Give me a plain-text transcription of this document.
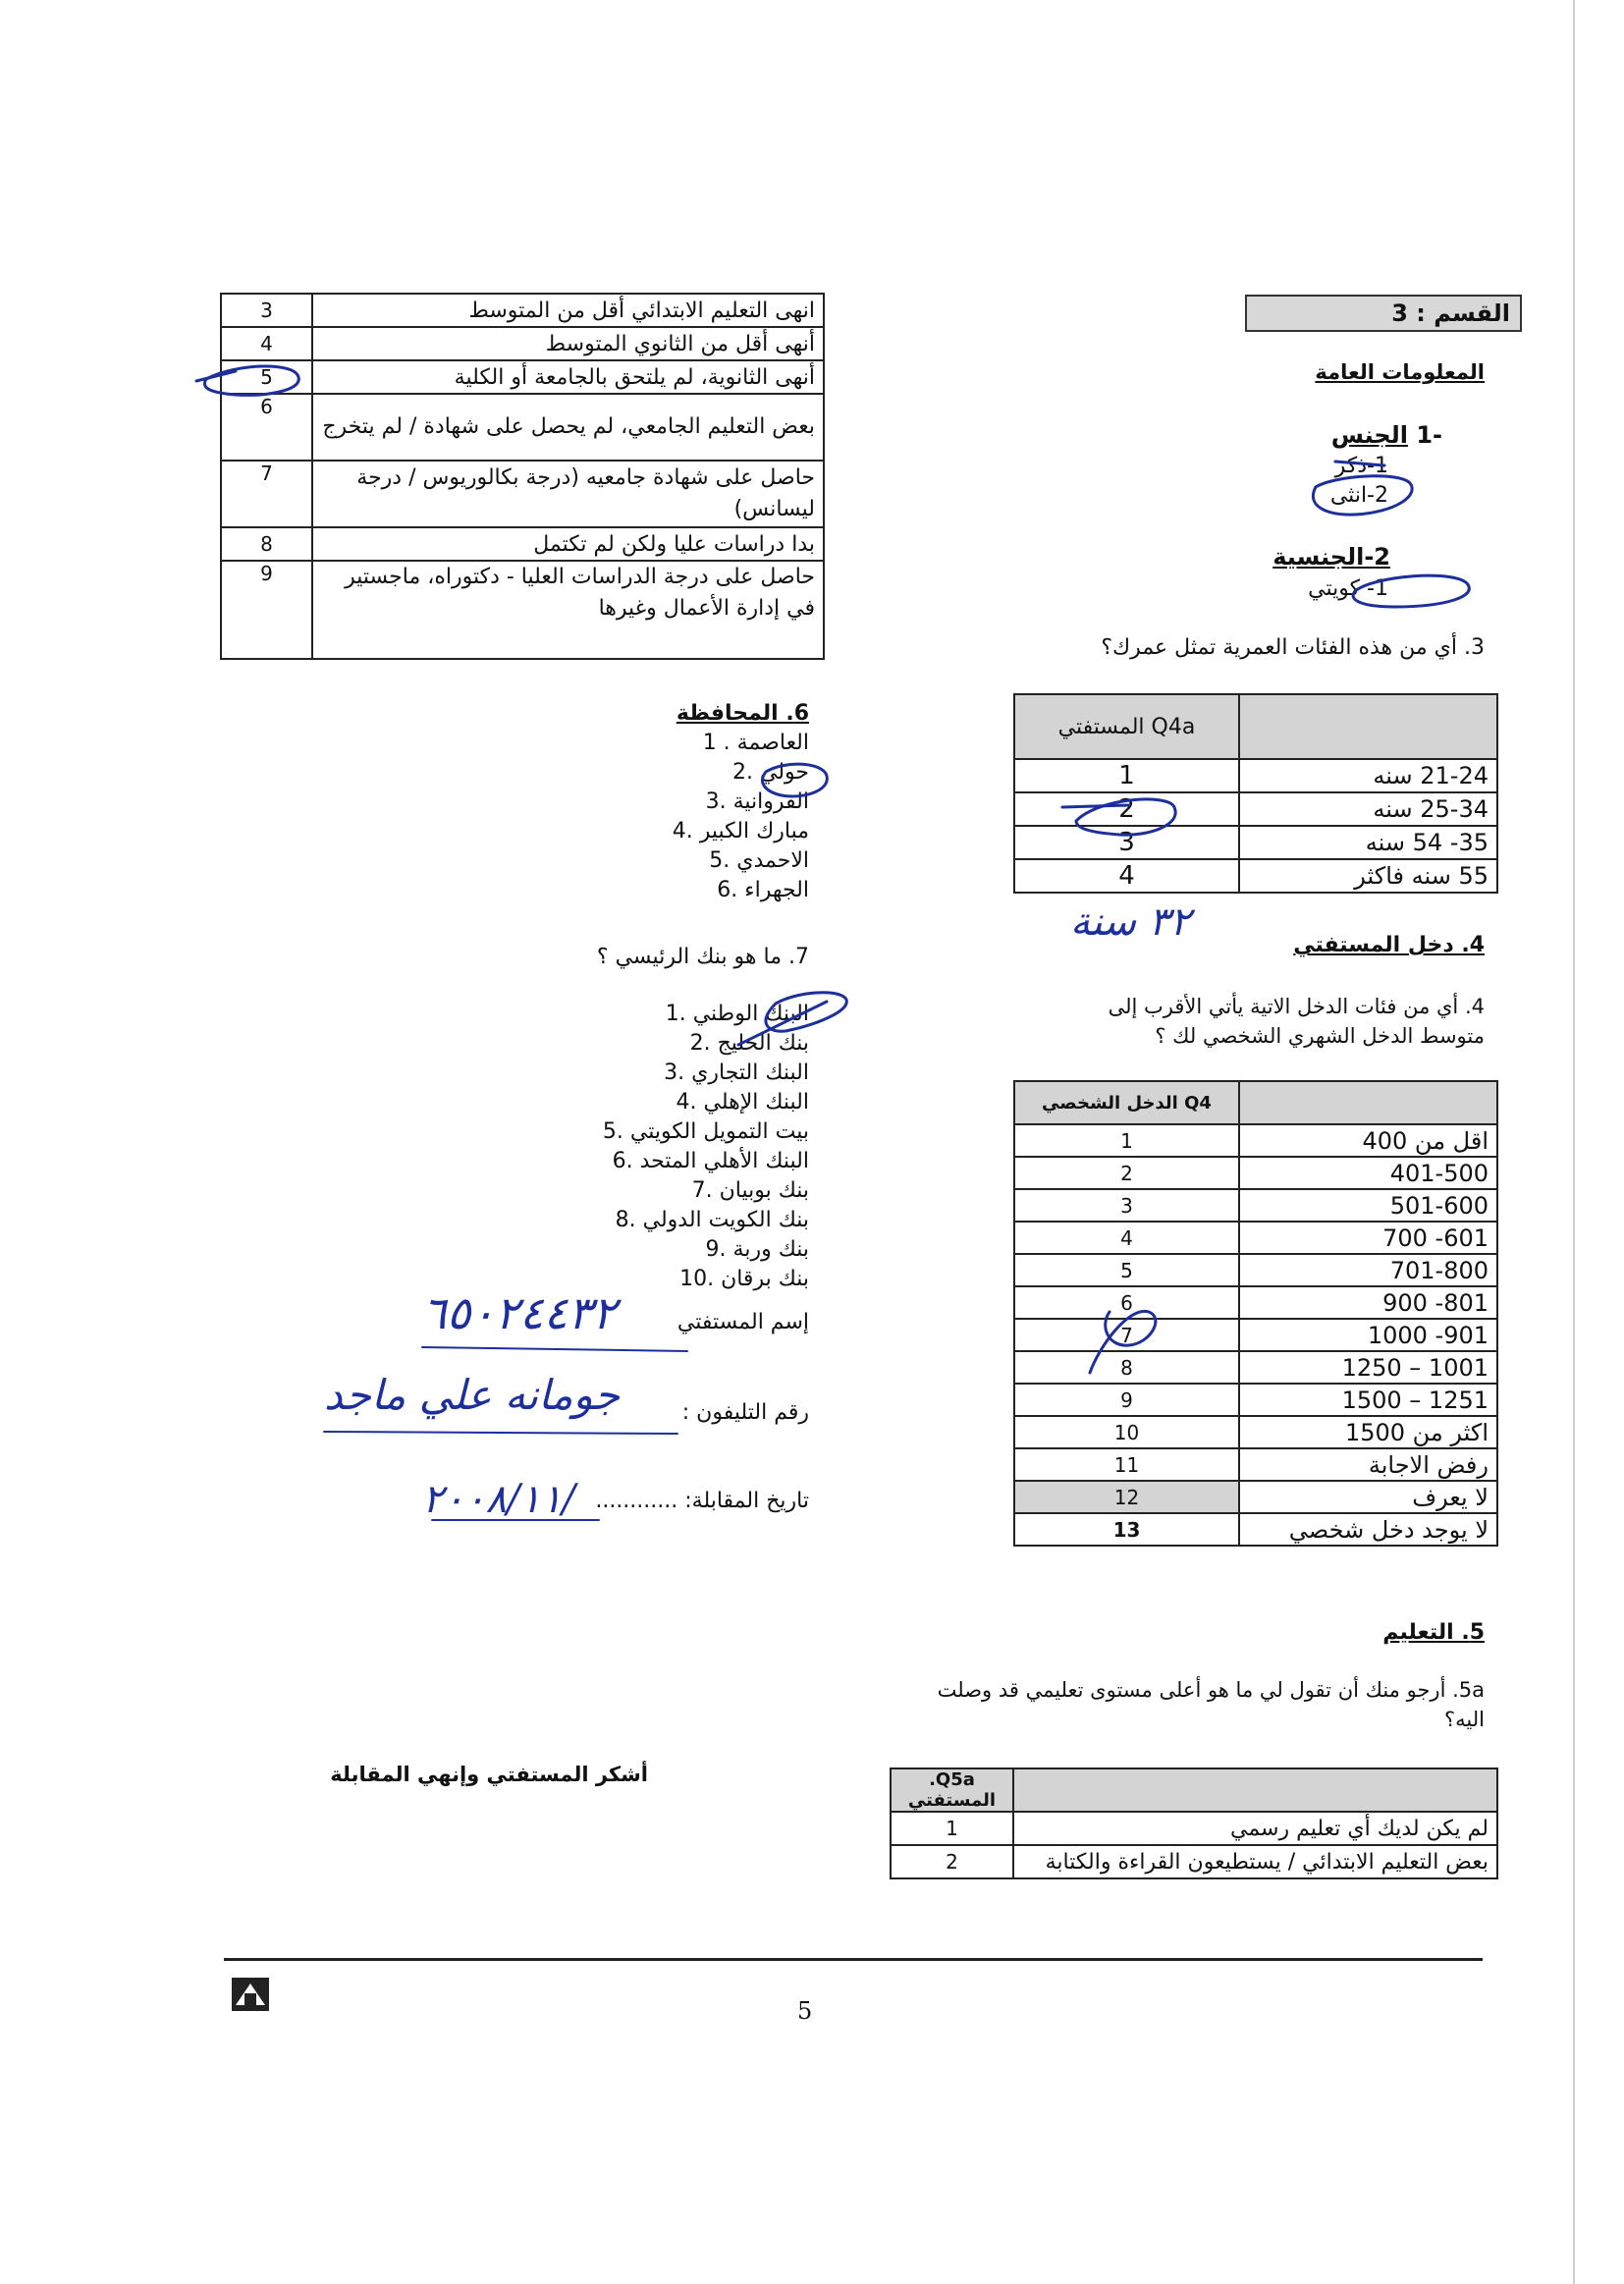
القسم : 3
المعلومات العامة
-1 الجنس
1-ذكر
2-انثى
2-الجنسية
1- كويتي
3. أي من هذه الفئات العمرية تمثل عمرك؟
	Q4a المستفتي
21-24 سنه	1
25-34 سنه	2
35- 54 سنه	3
55 سنه فاكثر	4
٣٢ سنة
4. دخل المستفتي
4. أي من فئات الدخل الاتية يأتي الأقرب إلى متوسط الدخل الشهري الشخصي لك ؟
	Q4 الدخل الشخصي
اقل من 400	1
401-500	2
501-600	3
601- 700	4
701-800	5
801- 900	6
901- 1000	7
1001 – 1250	8
1251 – 1500	9
اكثر من 1500	10
رفض الاجابة	11
لا يعرف	12
لا يوجد دخل شخصي	13
5. التعليم
5a. أرجو منك أن تقول لي ما هو أعلى مستوى تعليمي قد وصلت اليه؟
	Q5a. المستفتي
لم يكن لديك أي تعليم رسمي	1
بعض التعليم الابتدائي / يستطيعون القراءة والكتابة	2
انهى التعليم الابتدائي أقل من المتوسط	3
أنهى أقل من الثانوي المتوسط	4
أنهى الثانوية، لم يلتحق بالجامعة أو الكلية	5
بعض التعليم الجامعي، لم يحصل على شهادة / لم يتخرج	6
حاصل على شهادة جامعيه (درجة بكالوريوس / درجة ليسانس)	7
بدا دراسات عليا ولكن لم تكتمل	8
حاصل على درجة الدراسات العليا - دكتوراه، ماجستير في إدارة الأعمال وغيرها	9
6. المحافظة
1 . العاصمة
2. حولي
3. الفروانية
4. مبارك الكبير
5. الاحمدي
6. الجهراء
7. ما هو بنك الرئيسي ؟
1. البنك الوطني
2. بنك الخليج
3. البنك التجاري
4. البنك الإهلي
5. بيت التمويل الكويتي
6. البنك الأهلي المتحد
7. بنك بوبيان
8. بنك الكويت الدولي
9. بنك وربة
10. بنك برقان
إسم المستفتي
٦٥٠٢٤٤٣٢
رقم التليفون :
جومانه علي ماجد
تاريخ المقابلة: ............
٢٠٠٨/١١/
أشكر المستفتي وإنهي المقابلة
5
